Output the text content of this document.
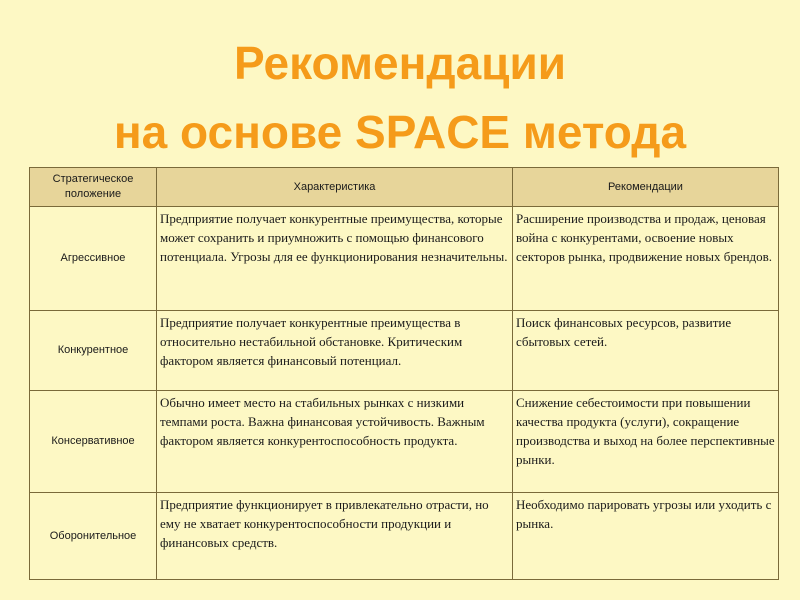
Рекомендации
на основе SPACE метода
Стратегическое положение	Характеристика	Рекомендации
Агрессивное	Предприятие получает конкурентные преимущества, которые может сохранить и приумножить с помощью финансового потенциала. Угрозы для ее функционирования незначительны.	Расширение производства и продаж, ценовая война с конкурентами, освоение новых секторов рынка, продвижение новых брендов.
Конкурентное	Предприятие получает конкурентные преимущества в относительно нестабильной обстановке. Критическим фактором является финансовый потенциал.	Поиск финансовых ресурсов, развитие сбытовых сетей.
Консервативное	Обычно имеет место на стабильных рынках с низкими темпами роста. Важна финансовая устойчивость. Важным фактором является конкурентоспособность продукта.	Снижение себестоимости при повышении качества продукта (услуги), сокращение производства и выход на более перспективные рынки.
Оборонительное	Предприятие функционирует в привлекательно отрасти, но ему не хватает конкурентоспособности продукции и финансовых средств.	Необходимо парировать угрозы или уходить с рынка.
